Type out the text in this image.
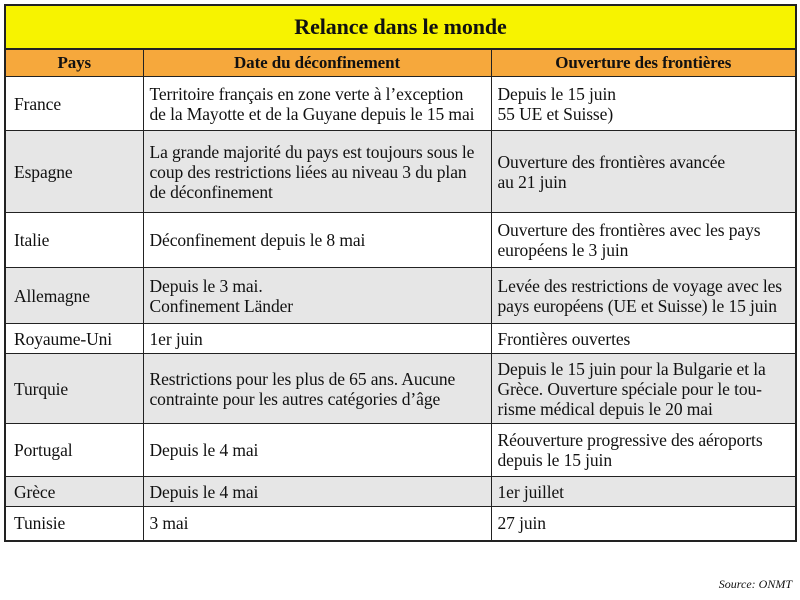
Relance dans le monde		
Pays	Date du déconfinement	Ouverture des frontières

France	Territoire français en zone verte à l’exception
de la Mayotte et de la Guyane depuis le 15 mai	Depuis le 15 juin
55 UE et Suisse)

Espagne	La grande majorité du pays est toujours sous le
coup des restrictions liées au niveau 3 du plan
de déconfinement	Ouverture des frontières avancée
au 21 juin

Italie	Déconfinement depuis le 8 mai	Ouverture des frontières avec les pays
européens le 3 juin

Allemagne	Depuis le 3 mai.
Confinement Länder	Levée des restrictions de voyage avec les
pays européens (UE et Suisse) le 15 juin

Royaume-Uni	1er juin	Frontières ouvertes

Turquie	Restrictions pour les plus de 65 ans. Aucune
contrainte pour les autres catégories d’âge	Depuis le 15 juin pour la Bulgarie et la
Grèce. Ouverture spéciale pour le tou-
risme médical depuis le 20 mai

Portugal	Depuis le 4 mai	Réouverture progressive des aéroports
depuis le 15 juin

Grèce	Depuis le 4 mai	1er juillet

Tunisie	3 mai	27 juin
Source: ONMT
